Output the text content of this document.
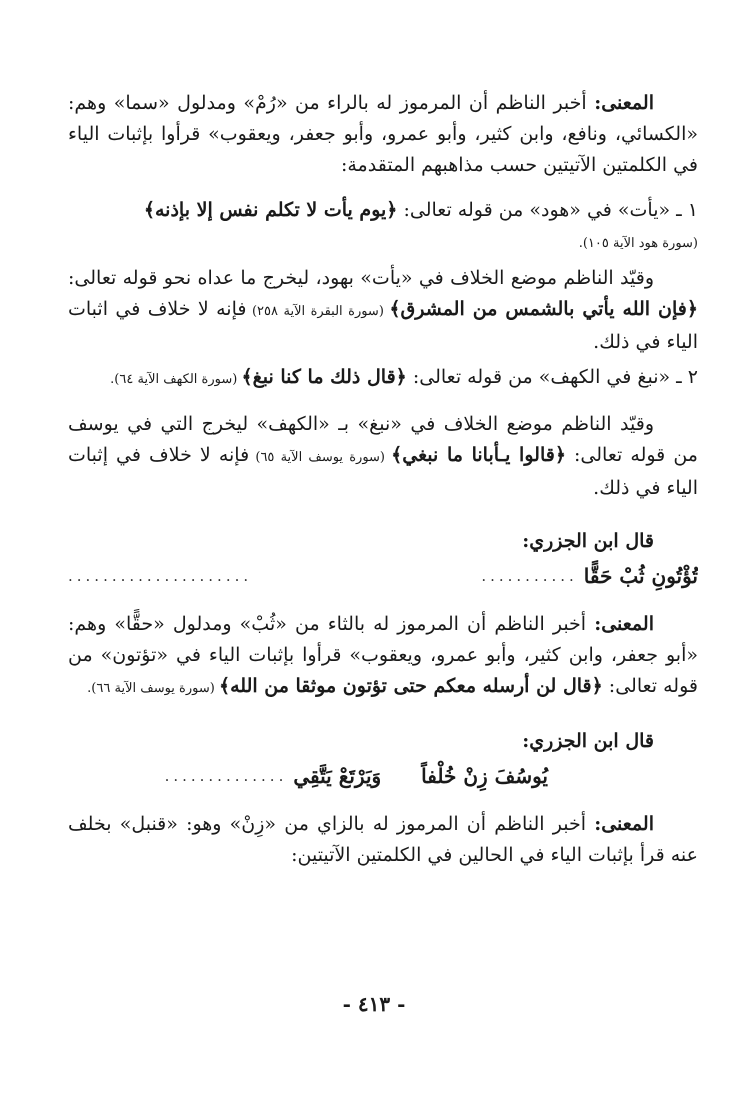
المعنى: أخبر الناظم أن المرموز له بالراء من «رُمْ» ومدلول «سما» وهم: «الكسائي، ونافع، وابن كثير، وأبو عمرو، وأبو جعفر، ويعقوب» قرأوا بإثبات الياء في الكلمتين الآتيتين حسب مذاهبهم المتقدمة:

١ ـ «يأت» في «هود» من قوله تعالى: ﴿يوم يأت لا تكلم نفس إلا بإذنه﴾
(سورة هود الآية ١٠٥).

وقيّد الناظم موضع الخلاف في «يأت» بهود، ليخرج ما عداه نحو قوله تعالى: ﴿فإن الله يأتي بالشمس من المشرق﴾ (سورة البقرة الآية ٢٥٨) فإنه لا خلاف في اثبات الياء في ذلك.

٢ ـ «نبغ في الكهف» من قوله تعالى: ﴿قال ذلك ما كنا نبغ﴾ (سورة الكهف الآية ٦٤).

وقيّد الناظم موضع الخلاف في «نبغ» بـ «الكهف» ليخرج التي في يوسف من قوله تعالى: ﴿قالوا يـأبانا ما نبغي﴾ (سورة يوسف الآية ٦٥) فإنه لا خلاف في إثبات الياء في ذلك.

قال ابن الجزري:

تُؤْتُونِ ثُبْ حَقًّا
...........
.....................

المعنى: أخبر الناظم أن المرموز له بالثاء من «ثُبْ» ومدلول «حقًّا» وهم: «أبو جعفر، وابن كثير، وأبو عمرو، ويعقوب» قرأوا بإثبات الياء في «تؤتون» من قوله تعالى: ﴿قال لن أرسله معكم حتى تؤتون موثقا من الله﴾ (سورة يوسف الآية ٦٦).

قال ابن الجزري:

يُوسُفَ زِنْ خُلْفاً
وَيَرْتَعْ يَتَّقِي
..............

المعنى: أخبر الناظم أن المرموز له بالزاي من «زِنْ» وهو: «قنبل» بخلف عنه قرأ بإثبات الياء في الحالين في الكلمتين الآتيتين:

- ٤١٣ -
